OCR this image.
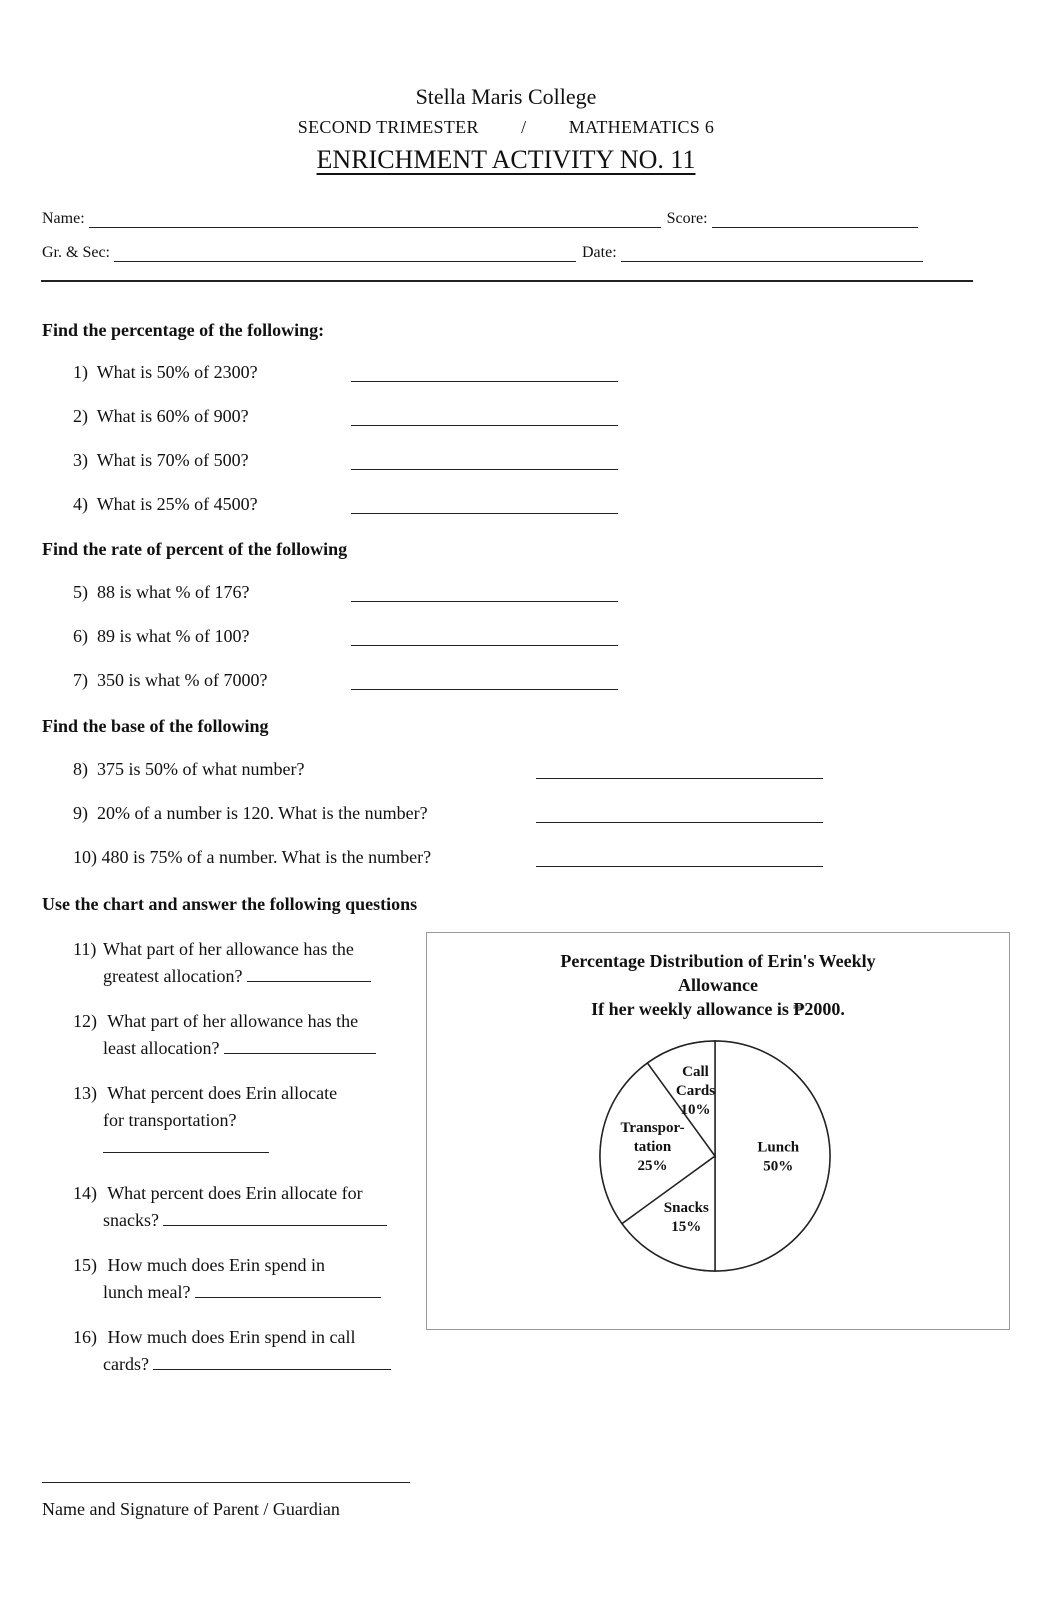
Stella Maris College
SECOND TRIMESTER / MATHEMATICS 6
ENRICHMENT ACTIVITY NO. 11
Name:	Score:
Gr. & Sec:	Date:
Find the percentage of the following:
1) What is 50% of 2300?
2) What is 60% of 900?
3) What is 70% of 500?
4) What is 25% of 4500?
Find the rate of percent of the following
5) 88 is what % of 176?
6) 89 is what % of 100?
7) 350 is what % of 7000?
Find the base of the following
8) 375 is 50% of what number?
9) 20% of a number is 120. What is the number?
10) 480 is 75% of a number. What is the number?
Use the chart and answer the following questions
11) What part of her allowance has the
greatest allocation?
12) What part of her allowance has the
least allocation?
13) What percent does Erin allocate
for transportation?
14) What percent does Erin allocate for
snacks?
15) How much does Erin spend in
lunch meal?
16) How much does Erin spend in call
cards?
Lunch 50%
Snacks 15%
Transpor-tation 25%
Call Cards 10%
Percentage Distribution of Erin's Weekly
Allowance
If her weekly allowance is ₱2000.
Name and Signature of Parent / Guardian
